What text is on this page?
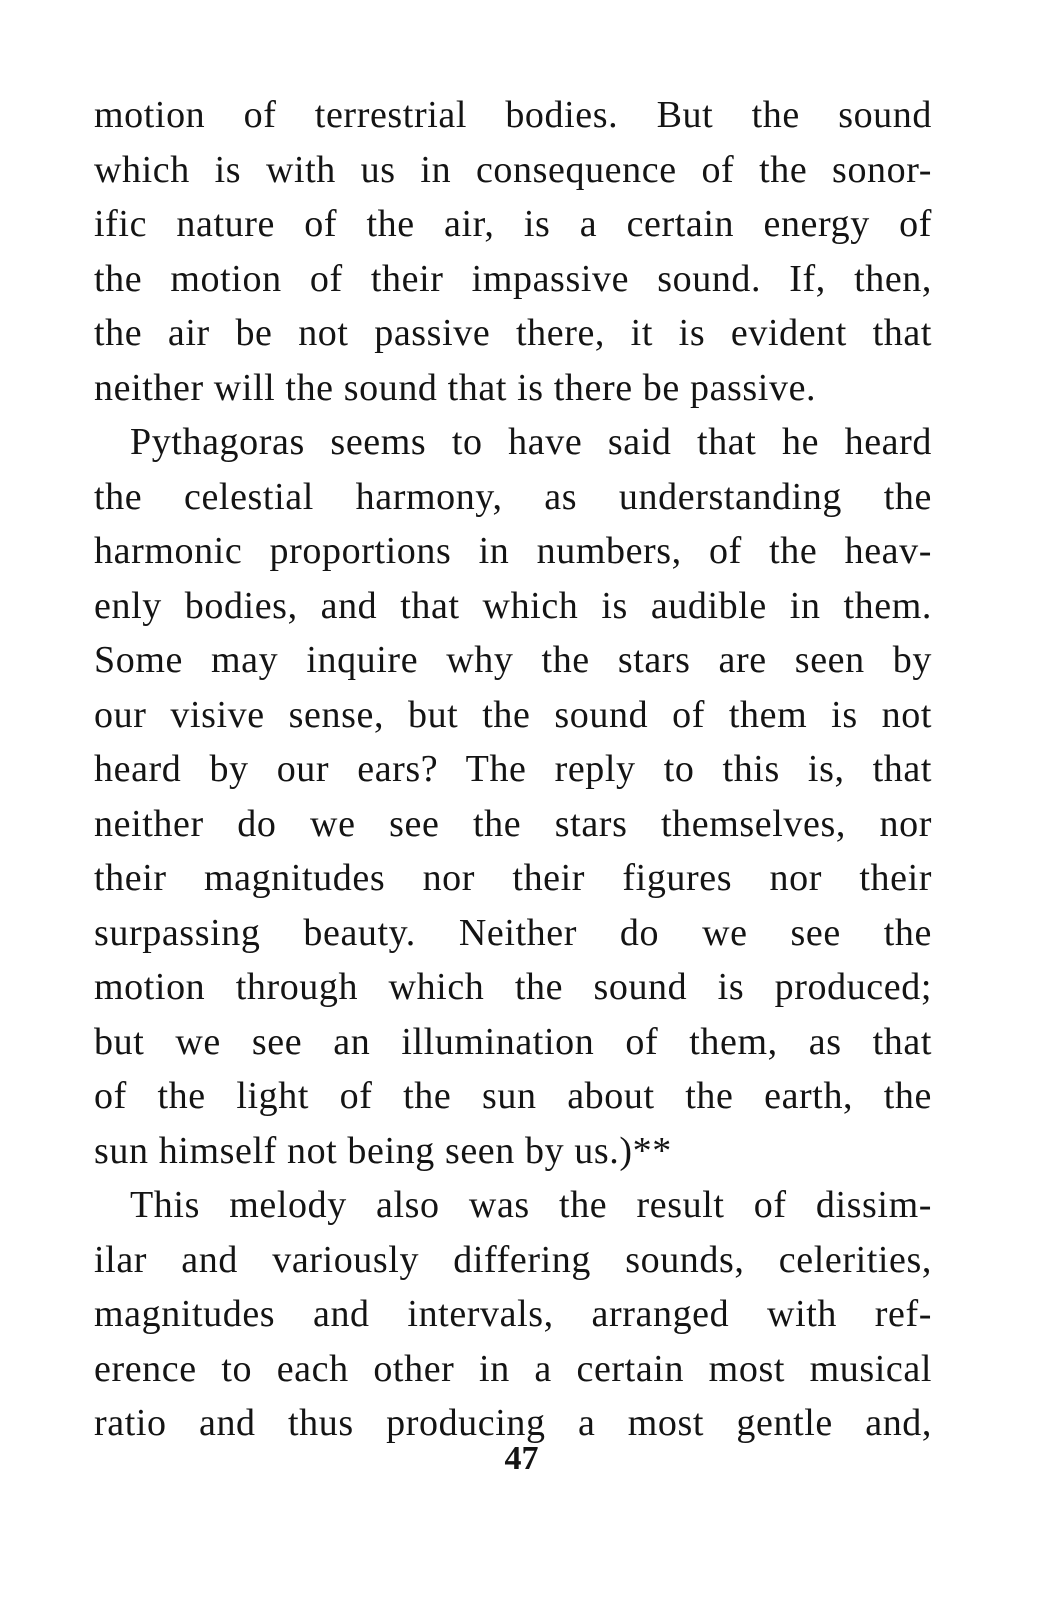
motion of terrestrial bodies. But the sound
which is with us in consequence of the sonor-
ific nature of the air, is a certain energy of
the motion of their impassive sound. If, then,
the air be not passive there, it is evident that
neither will the sound that is there be passive.
Pythagoras seems to have said that he heard
the celestial harmony, as understanding the
harmonic proportions in numbers, of the heav-
enly bodies, and that which is audible in them.
Some may inquire why the stars are seen by
our visive sense, but the sound of them is not
heard by our ears? The reply to this is, that
neither do we see the stars themselves, nor
their magnitudes nor their figures nor their
surpassing beauty. Neither do we see the
motion through which the sound is produced;
but we see an illumination of them, as that
of the light of the sun about the earth, the
sun himself not being seen by us.)**
This melody also was the result of dissim-
ilar and variously differing sounds, celerities,
magnitudes and intervals, arranged with ref-
erence to each other in a certain most musical
ratio and thus producing a most gentle and,
47
